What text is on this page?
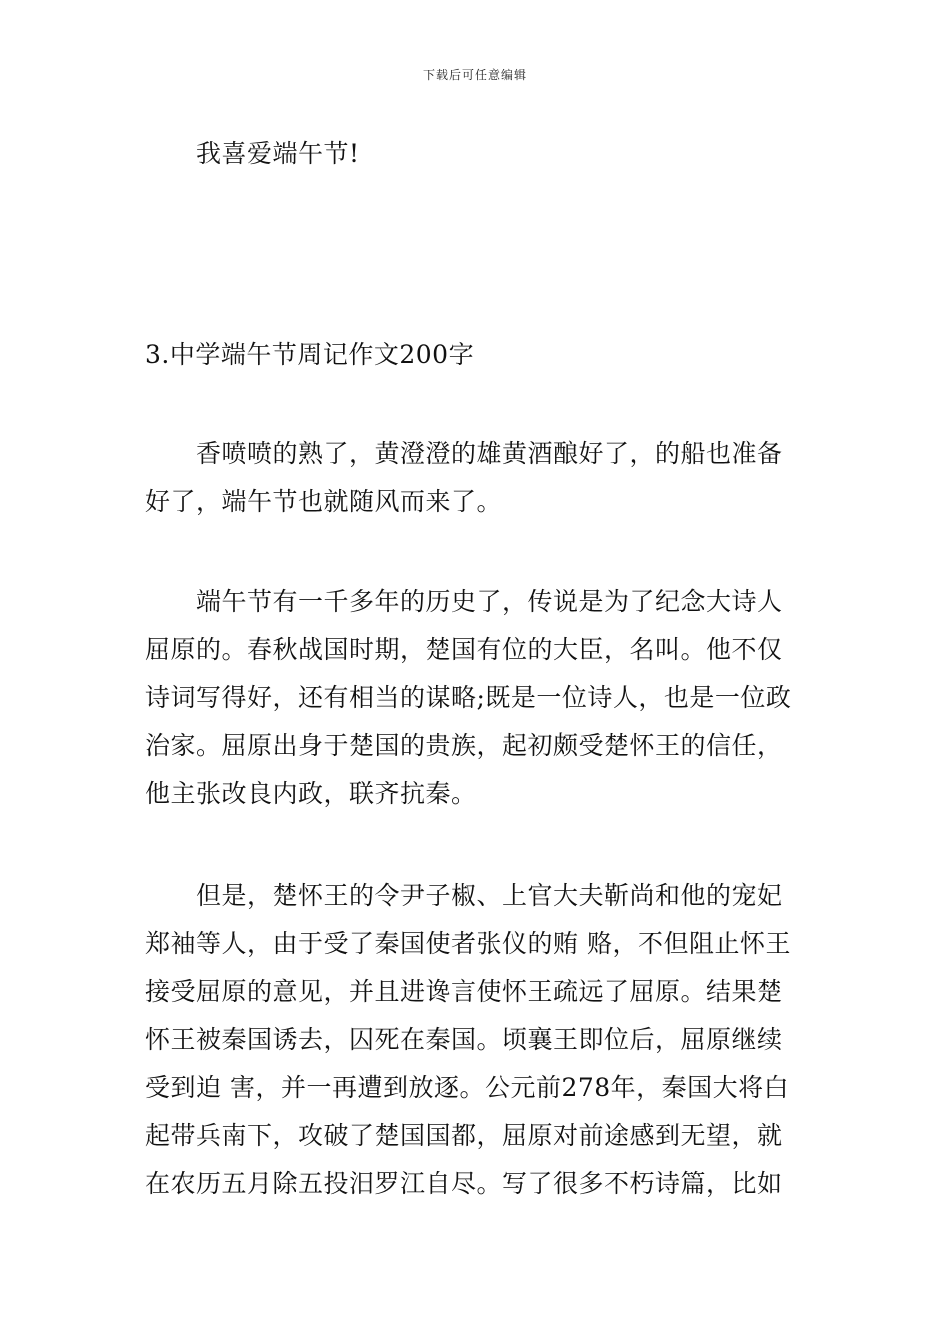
下载后可任意编辑
我喜爱端午节!
3.中学端午节周记作文200字
香喷喷的熟了，黄澄澄的雄黄酒酿好了，的船也准备
好了，端午节也就随风而来了。
端午节有一千多年的历史了，传说是为了纪念大诗人
屈原的。春秋战国时期，楚国有位的大臣，名叫。他不仅
诗词写得好，还有相当的谋略;既是一位诗人，也是一位政
治家。屈原出身于楚国的贵族，起初颇受楚怀王的信任，
他主张改良内政，联齐抗秦。
但是，楚怀王的令尹子椒、上官大夫靳尚和他的宠妃
郑袖等人，由于受了秦国使者张仪的贿 赂，不但阻止怀王
接受屈原的意见，并且进谗言使怀王疏远了屈原。结果楚
怀王被秦国诱去，囚死在秦国。顷襄王即位后，屈原继续
受到迫 害，并一再遭到放逐。公元前278年，秦国大将白
起带兵南下，攻破了楚国国都，屈原对前途感到无望，就
在农历五月除五投汨罗江自尽。写了很多不朽诗篇，比如
